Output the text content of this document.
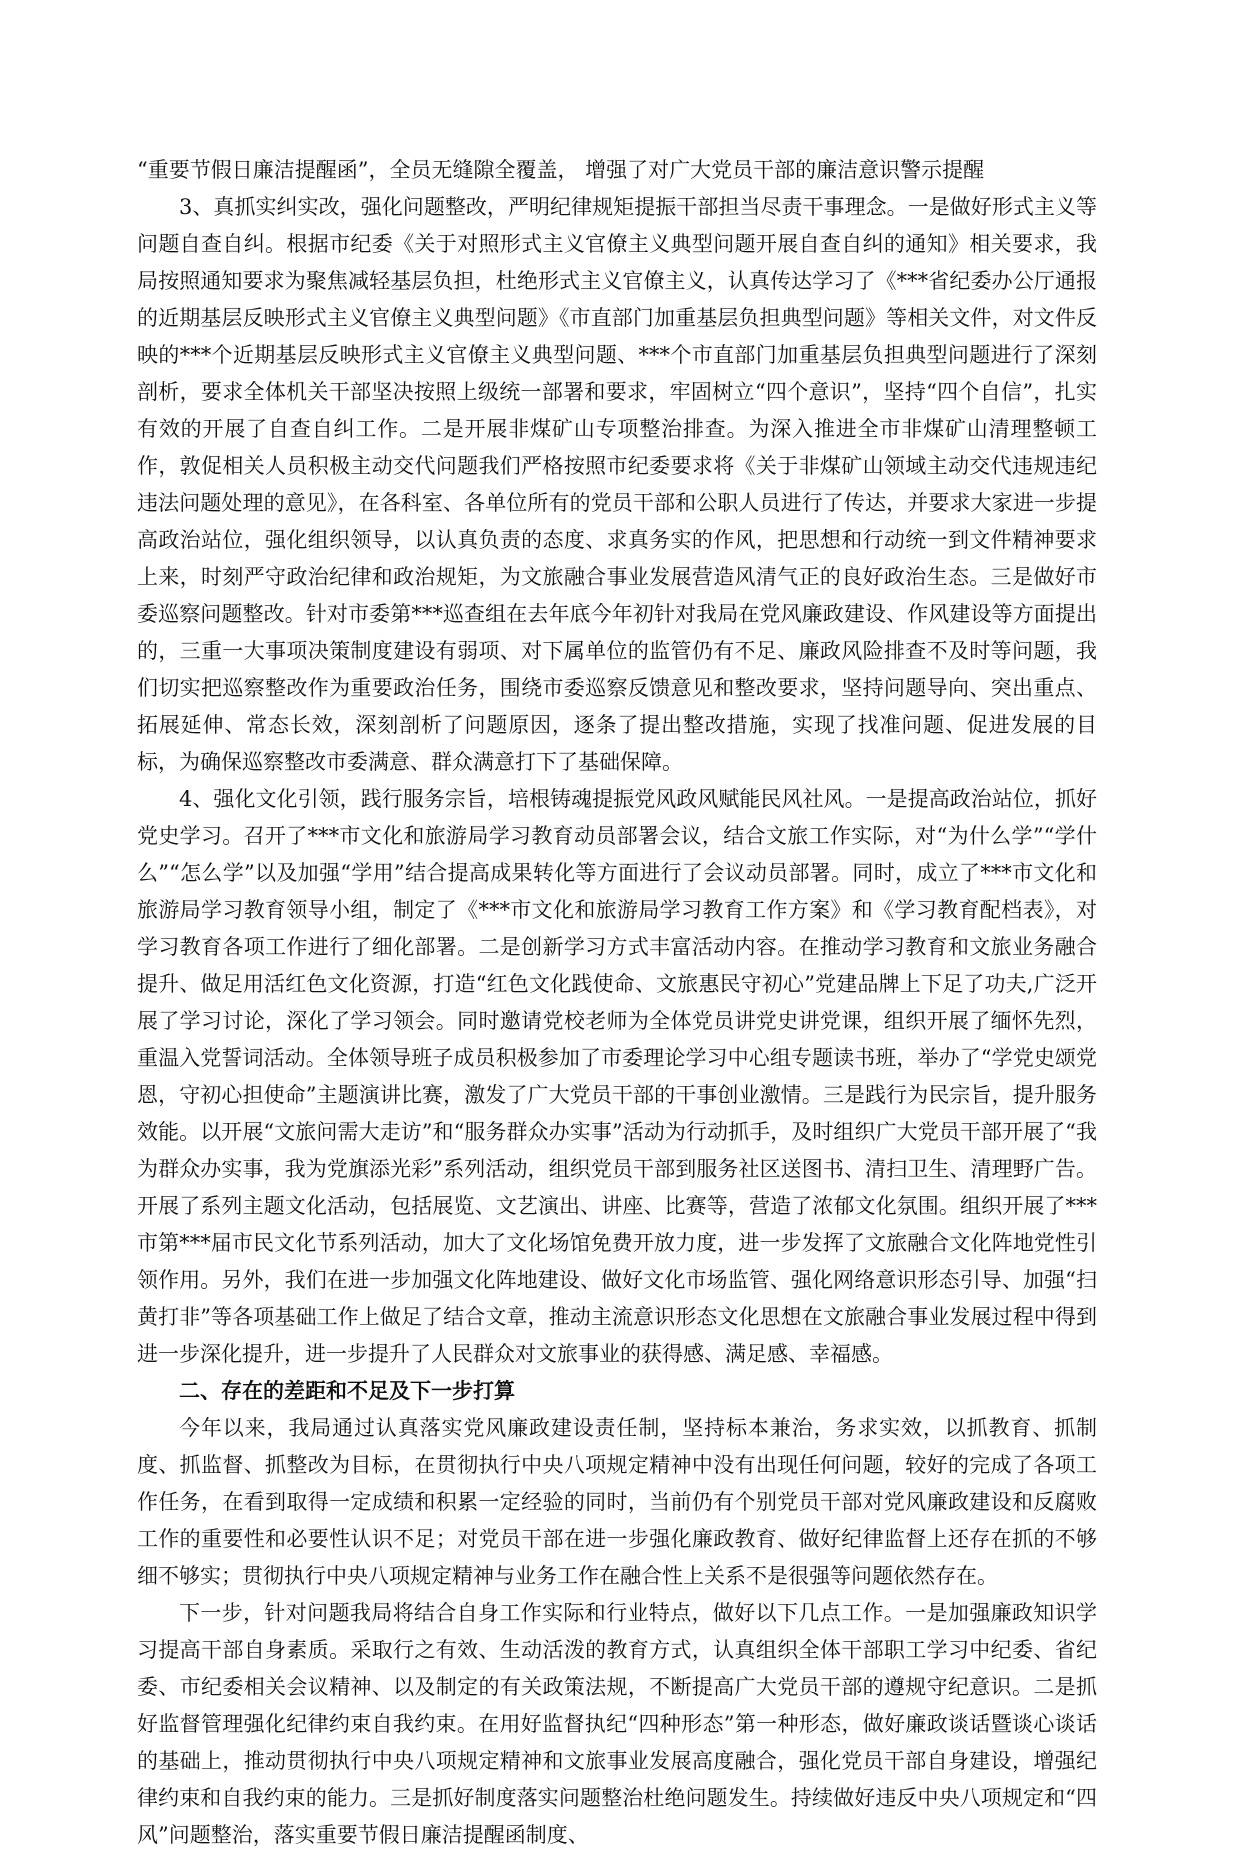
“重要节假日廉洁提醒函”，全员无缝隙全覆盖， 增强了对广大党员干部的廉洁意识警示提醒

3、真抓实纠实改，强化问题整改，严明纪律规矩提振干部担当尽责干事理念。一是做好形式主义等问题自查自纠。根据市纪委《关于对照形式主义官僚主义典型问题开展自查自纠的通知》相关要求，我局按照通知要求为聚焦减轻基层负担，杜绝形式主义官僚主义，认真传达学习了《***省纪委办公厅通报的近期基层反映形式主义官僚主义典型问题》《市直部门加重基层负担典型问题》等相关文件，对文件反映的***个近期基层反映形式主义官僚主义典型问题、***个市直部门加重基层负担典型问题进行了深刻剖析，要求全体机关干部坚决按照上级统一部署和要求，牢固树立“四个意识”，坚持“四个自信”，扎实有效的开展了自查自纠工作。二是开展非煤矿山专项整治排查。为深入推进全市非煤矿山清理整顿工作，敦促相关人员积极主动交代问题我们严格按照市纪委要求将《关于非煤矿山领域主动交代违规违纪违法问题处理的意见》，在各科室、各单位所有的党员干部和公职人员进行了传达，并要求大家进一步提高政治站位，强化组织领导，以认真负责的态度、求真务实的作风，把思想和行动统一到文件精神要求上来，时刻严守政治纪律和政治规矩，为文旅融合事业发展营造风清气正的良好政治生态。三是做好市委巡察问题整改。针对市委第***巡查组在去年底今年初针对我局在党风廉政建设、作风建设等方面提出的，三重一大事项决策制度建设有弱项、对下属单位的监管仍有不足、廉政风险排查不及时等问题，我们切实把巡察整改作为重要政治任务，围绕市委巡察反馈意见和整改要求，坚持问题导向、突出重点、拓展延伸、常态长效，深刻剖析了问题原因，逐条了提出整改措施，实现了找准问题、促进发展的目标，为确保巡察整改市委满意、群众满意打下了基础保障。

4、强化文化引领，践行服务宗旨，培根铸魂提振党风政风赋能民风社风。一是提高政治站位，抓好党史学习。召开了***市文化和旅游局学习教育动员部署会议，结合文旅工作实际，对“为什么学”“学什么”“怎么学”以及加强“学用”结合提高成果转化等方面进行了会议动员部署。同时，成立了***市文化和旅游局学习教育领导小组，制定了《***市文化和旅游局学习教育工作方案》和《学习教育配档表》，对学习教育各项工作进行了细化部署。二是创新学习方式丰富活动内容。在推动学习教育和文旅业务融合提升、做足用活红色文化资源，打造“红色文化践使命、文旅惠民守初心”党建品牌上下足了功夫,广泛开展了学习讨论，深化了学习领会。同时邀请党校老师为全体党员讲党史讲党课，组织开展了缅怀先烈，重温入党誓词活动。全体领导班子成员积极参加了市委理论学习中心组专题读书班，举办了“学党史颂党恩，守初心担使命”主题演讲比赛，激发了广大党员干部的干事创业激情。三是践行为民宗旨，提升服务效能。以开展“文旅问需大走访”和“服务群众办实事”活动为行动抓手，及时组织广大党员干部开展了“我为群众办实事，我为党旗添光彩”系列活动，组织党员干部到服务社区送图书、清扫卫生、清理野广告。开展了系列主题文化活动，包括展览、文艺演出、讲座、比赛等，营造了浓郁文化氛围。组织开展了***市第***届市民文化节系列活动，加大了文化场馆免费开放力度，进一步发挥了文旅融合文化阵地党性引领作用。另外，我们在进一步加强文化阵地建设、做好文化市场监管、强化网络意识形态引导、加强“扫黄打非”等各项基础工作上做足了结合文章，推动主流意识形态文化思想在文旅融合事业发展过程中得到进一步深化提升，进一步提升了人民群众对文旅事业的获得感、满足感、幸福感。

二、存在的差距和不足及下一步打算

今年以来，我局通过认真落实党风廉政建设责任制，坚持标本兼治，务求实效，以抓教育、抓制度、抓监督、抓整改为目标，在贯彻执行中央八项规定精神中没有出现任何问题，较好的完成了各项工作任务，在看到取得一定成绩和积累一定经验的同时，当前仍有个别党员干部对党风廉政建设和反腐败工作的重要性和必要性认识不足；对党员干部在进一步强化廉政教育、做好纪律监督上还存在抓的不够细不够实；贯彻执行中央八项规定精神与业务工作在融合性上关系不是很强等问题依然存在。

下一步，针对问题我局将结合自身工作实际和行业特点，做好以下几点工作。一是加强廉政知识学习提高干部自身素质。采取行之有效、生动活泼的教育方式，认真组织全体干部职工学习中纪委、省纪委、市纪委相关会议精神、以及制定的有关政策法规，不断提高广大党员干部的遵规守纪意识。二是抓好监督管理强化纪律约束自我约束。在用好监督执纪“四种形态”第一种形态，做好廉政谈话暨谈心谈话的基础上，推动贯彻执行中央八项规定精神和文旅事业发展高度融合，强化党员干部自身建设，增强纪律约束和自我约束的能力。三是抓好制度落实问题整治杜绝问题发生。持续做好违反中央八项规定和“四风”问题整治，落实重要节假日廉洁提醒函制度、
